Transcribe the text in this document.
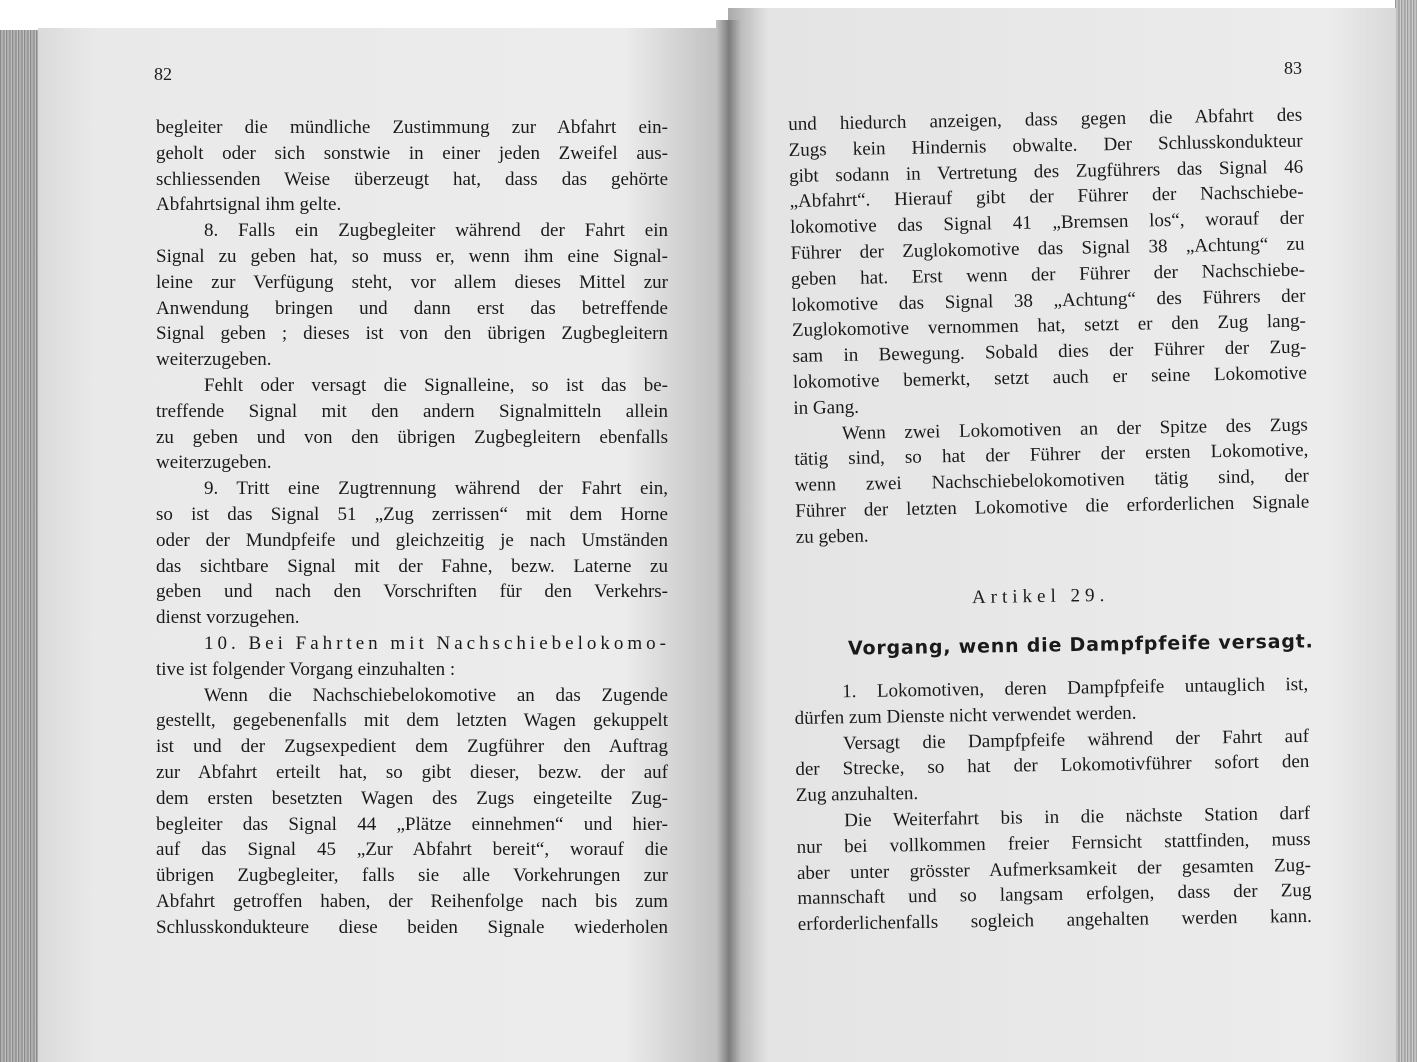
82
begleiter die mündliche Zustimmung zur Abfahrt ein-
geholt oder sich sonstwie in einer jeden Zweifel aus-
schliessenden Weise überzeugt hat, dass das gehörte
Abfahrtsignal ihm gelte.
8. Falls ein Zugbegleiter während der Fahrt ein
Signal zu geben hat, so muss er, wenn ihm eine Signal-
leine zur Verfügung steht, vor allem dieses Mittel zur
Anwendung bringen und dann erst das betreffende
Signal geben ; dieses ist von den übrigen Zugbegleitern
weiterzugeben.
Fehlt oder versagt die Signalleine, so ist das be-
treffende Signal mit den andern Signalmitteln allein
zu geben und von den übrigen Zugbegleitern ebenfalls
weiterzugeben.
9. Tritt eine Zugtrennung während der Fahrt ein,
so ist das Signal 51 „Zug zerrissen“ mit dem Horne
oder der Mundpfeife und gleichzeitig je nach Umständen
das sichtbare Signal mit der Fahne, bezw. Laterne zu
geben und nach den Vorschriften für den Verkehrs-
dienst vorzugehen.
10. Bei Fahrten mit Nachschiebelokomo-
tive ist folgender Vorgang einzuhalten :
Wenn die Nachschiebelokomotive an das Zugende
gestellt, gegebenenfalls mit dem letzten Wagen gekuppelt
ist und der Zugsexpedient dem Zugführer den Auftrag
zur Abfahrt erteilt hat, so gibt dieser, bezw. der auf
dem ersten besetzten Wagen des Zugs eingeteilte Zug-
begleiter das Signal 44 „Plätze einnehmen“ und hier-
auf das Signal 45 „Zur Abfahrt bereit“, worauf die
übrigen Zugbegleiter, falls sie alle Vorkehrungen zur
Abfahrt getroffen haben, der Reihenfolge nach bis zum
Schlusskondukteure diese beiden Signale wiederholen
83
und hiedurch anzeigen, dass gegen die Abfahrt des
Zugs kein Hindernis obwalte. Der Schlusskondukteur
gibt sodann in Vertretung des Zugführers das Signal 46
„Abfahrt“. Hierauf gibt der Führer der Nachschiebe-
lokomotive das Signal 41 „Bremsen los“, worauf der
Führer der Zuglokomotive das Signal 38 „Achtung“ zu
geben hat. Erst wenn der Führer der Nachschiebe-
lokomotive das Signal 38 „Achtung“ des Führers der
Zuglokomotive vernommen hat, setzt er den Zug lang-
sam in Bewegung. Sobald dies der Führer der Zug-
lokomotive bemerkt, setzt auch er seine Lokomotive
in Gang.
Wenn zwei Lokomotiven an der Spitze des Zugs
tätig sind, so hat der Führer der ersten Lokomotive,
wenn zwei Nachschiebelokomotiven tätig sind, der
Führer der letzten Lokomotive die erforderlichen Signale
zu geben.
Artikel 29.
Vorgang, wenn die Dampfpfeife versagt.
1. Lokomotiven, deren Dampfpfeife untauglich ist,
dürfen zum Dienste nicht verwendet werden.
Versagt die Dampfpfeife während der Fahrt auf
der Strecke, so hat der Lokomotivführer sofort den
Zug anzuhalten.
Die Weiterfahrt bis in die nächste Station darf
nur bei vollkommen freier Fernsicht stattfinden, muss
aber unter grösster Aufmerksamkeit der gesamten Zug-
mannschaft und so langsam erfolgen, dass der Zug
erforderlichenfalls sogleich angehalten werden kann.
